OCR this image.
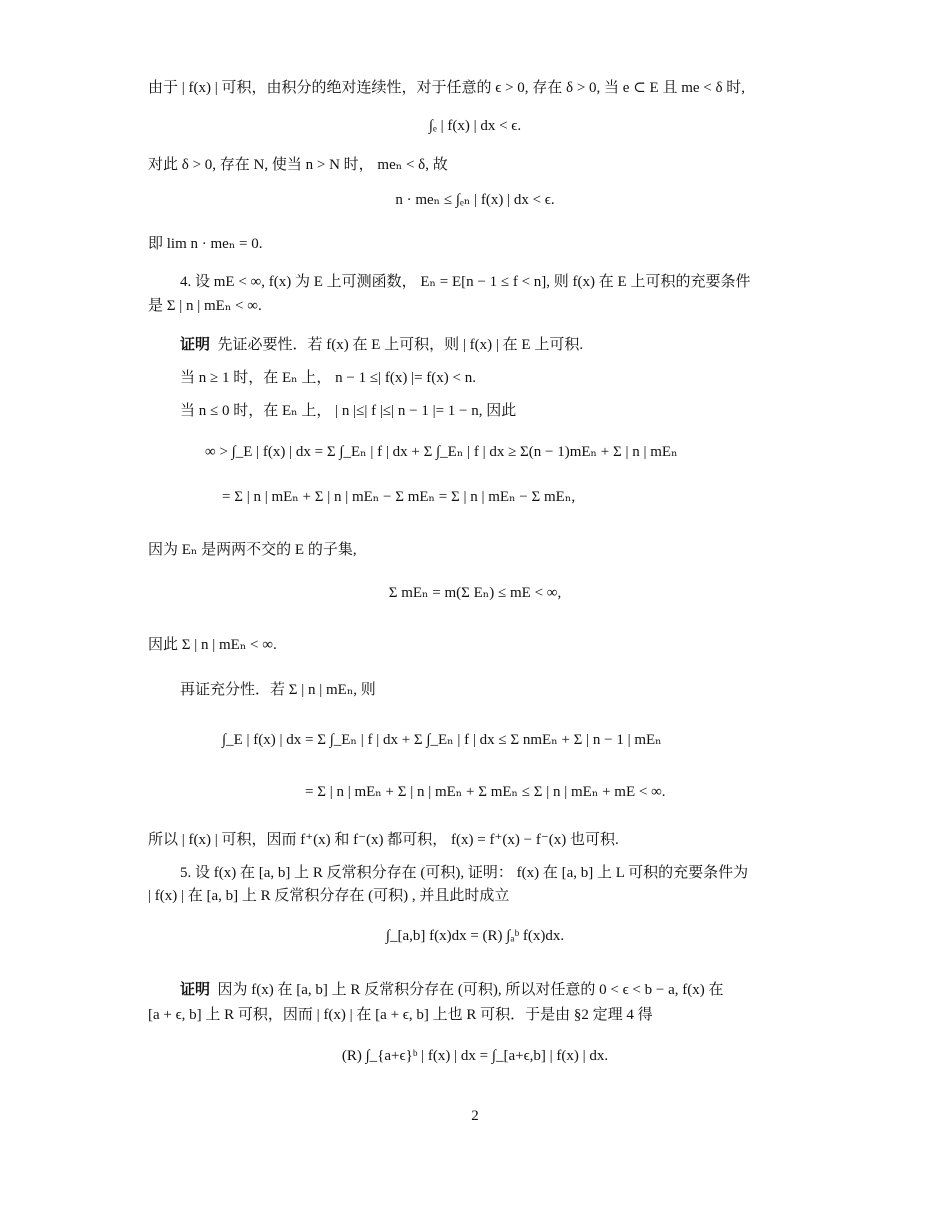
由于 | f(x) | 可积，由积分的绝对连续性，对于任意的 ϵ > 0, 存在 δ > 0, 当 e ⊂ E 且 me < δ 时,
∫ₑ | f(x) | dx < ϵ.
对此 δ > 0, 存在 N, 使当 n > N 时， meₙ < δ, 故
n · meₙ ≤ ∫ₑₙ | f(x) | dx < ϵ.
即 lim n · meₙ = 0.
4. 设 mE < ∞, f(x) 为 E 上可测函数， Eₙ = E[n − 1 ≤ f < n], 则 f(x) 在 E 上可积的充要条件
是 Σ | n | mEₙ < ∞.
证明 先证必要性．若 f(x) 在 E 上可积，则 | f(x) | 在 E 上可积.
当 n ≥ 1 时，在 Eₙ 上， n − 1 ≤| f(x) |= f(x) < n.
当 n ≤ 0 时，在 Eₙ 上， | n |≤| f |≤| n − 1 |= 1 − n, 因此
∞ > ∫_E | f(x) | dx = Σ ∫_Eₙ | f | dx + Σ ∫_Eₙ | f | dx ≥ Σ(n − 1)mEₙ + Σ | n | mEₙ
= Σ | n | mEₙ + Σ | n | mEₙ − Σ mEₙ = Σ | n | mEₙ − Σ mEₙ,
因为 Eₙ 是两两不交的 E 的子集,
Σ mEₙ = m(Σ Eₙ) ≤ mE < ∞,
因此 Σ | n | mEₙ < ∞.
再证充分性．若 Σ | n | mEₙ, 则
∫_E | f(x) | dx = Σ ∫_Eₙ | f | dx + Σ ∫_Eₙ | f | dx ≤ Σ nmEₙ + Σ | n − 1 | mEₙ
= Σ | n | mEₙ + Σ | n | mEₙ + Σ mEₙ ≤ Σ | n | mEₙ + mE < ∞.
所以 | f(x) | 可积，因而 f⁺(x) 和 f⁻(x) 都可积， f(x) = f⁺(x) − f⁻(x) 也可积.
5. 设 f(x) 在 [a, b] 上 R 反常积分存在 (可积), 证明： f(x) 在 [a, b] 上 L 可积的充要条件为
| f(x) | 在 [a, b] 上 R 反常积分存在 (可积) , 并且此时成立
∫_[a,b] f(x)dx = (R) ∫ₐᵇ f(x)dx.
证明 因为 f(x) 在 [a, b] 上 R 反常积分存在 (可积), 所以对任意的 0 < ϵ < b − a, f(x) 在
[a + ϵ, b] 上 R 可积，因而 | f(x) | 在 [a + ϵ, b] 上也 R 可积．于是由 §2 定理 4 得
(R) ∫_{a+ϵ}ᵇ | f(x) | dx = ∫_[a+ϵ,b] | f(x) | dx.
2
